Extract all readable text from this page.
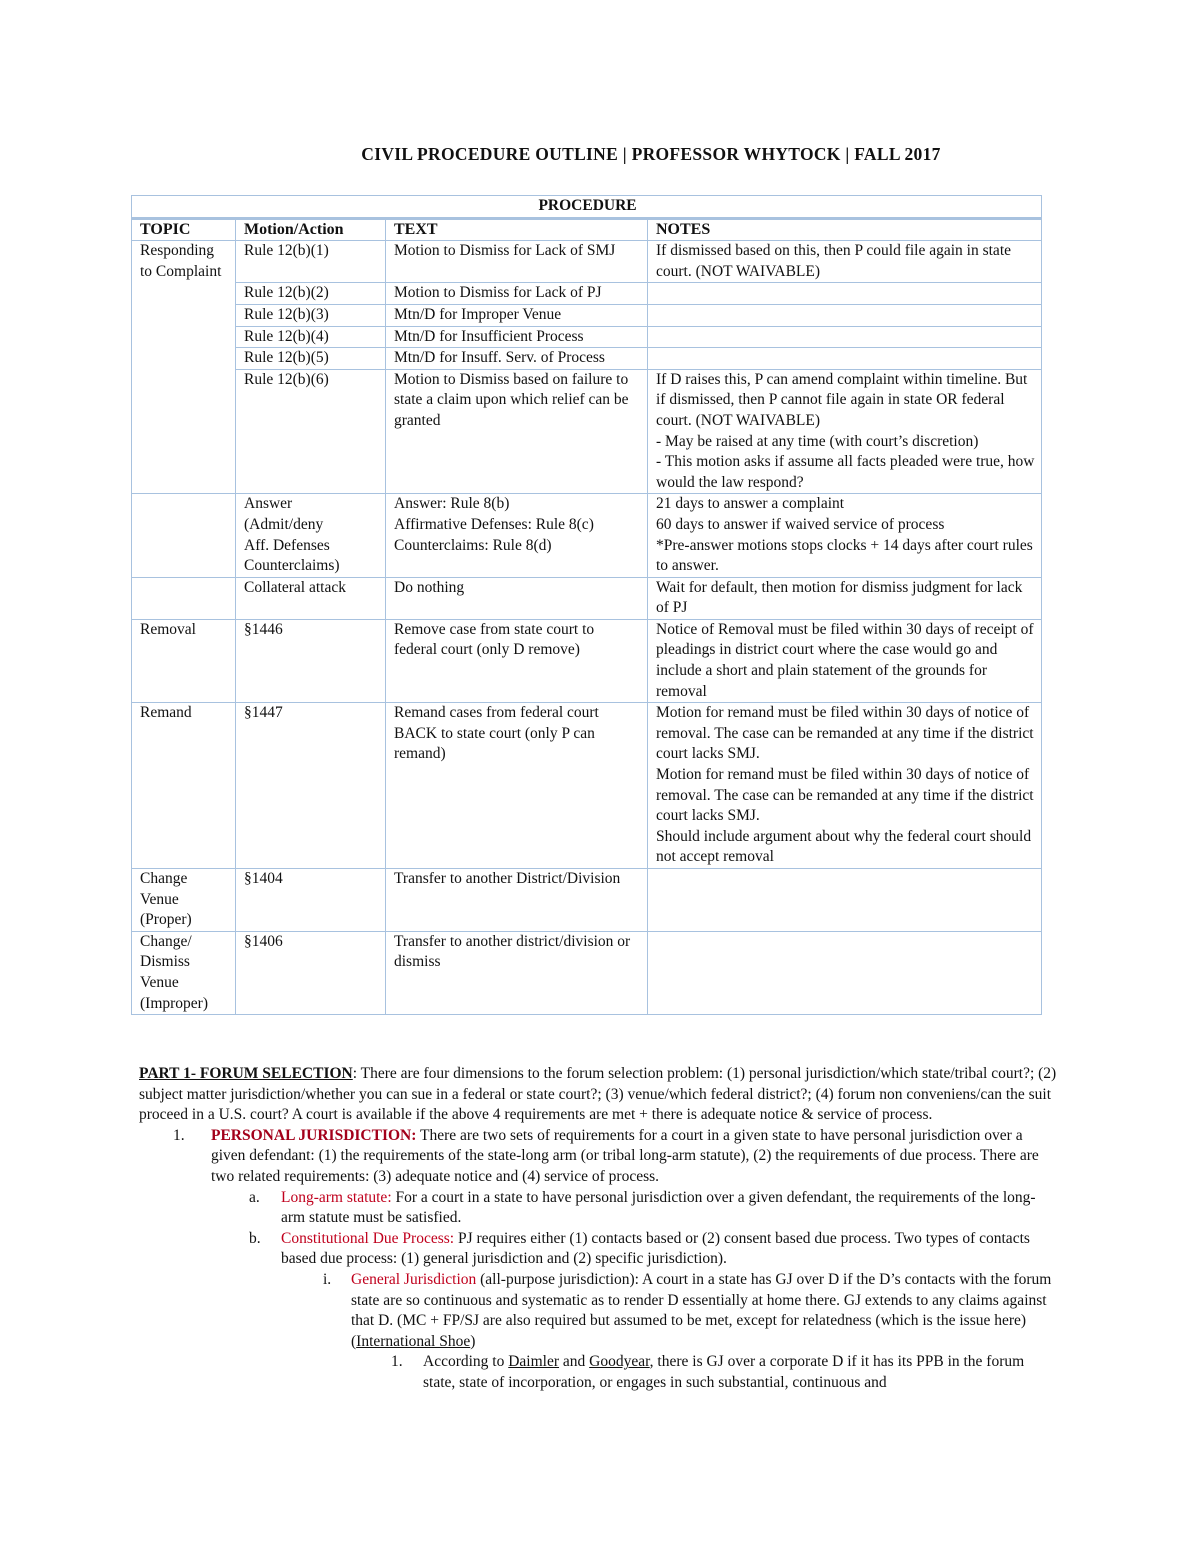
CIVIL PROCEDURE OUTLINE | PROFESSOR WHYTOCK | FALL 2017
PROCEDURE			
TOPIC	Motion/Action	TEXT	NOTES
Responding to Complaint	Rule 12(b)(1)	Motion to Dismiss for Lack of SMJ	If dismissed based on this, then P could file again in state court. (NOT WAIVABLE)

	Rule 12(b)(2)	Motion to Dismiss for Lack of PJ	
	Rule 12(b)(3)	Mtn/D for Improper Venue	
	Rule 12(b)(4)	Mtn/D for Insufficient Process	
	Rule 12(b)(5)	Mtn/D for Insuff. Serv. of Process	
	Rule 12(b)(6)	Motion to Dismiss based on failure to state a claim upon which relief can be granted	If D raises this, P can amend complaint within timeline. But if dismissed, then P cannot file again in state OR federal court. (NOT WAIVABLE)
- May be raised at any time (with court’s discretion)
- This motion asks if assume all facts pleaded were true, how would the law respond?

	Answer
(Admit/deny
Aff. Defenses
Counterclaims)	Answer: Rule 8(b)
Affirmative Defenses: Rule 8(c)
Counterclaims: Rule 8(d)	21 days to answer a complaint
60 days to answer if waived service of process
*Pre-answer motions stops clocks + 14 days after court rules to answer.

	Collateral attack	Do nothing	Wait for default, then motion for dismiss judgment for lack of PJ

Removal	§1446	Remove case from state court to federal court (only D remove)	Notice of Removal must be filed within 30 days of receipt of pleadings in district court where the case would go and include a short and plain statement of the grounds for removal

Remand	§1447	Remand cases from federal court BACK to state court (only P can remand)	Motion for remand must be filed within 30 days of notice of removal. The case can be remanded at any time if the district court lacks SMJ.
Motion for remand must be filed within 30 days of notice of removal. The case can be remanded at any time if the district court lacks SMJ.
Should include argument about why the federal court should not accept removal

Change
Venue
(Proper)	§1404	Transfer to another District/Division	

Change/
Dismiss
Venue
(Improper)	§1406	Transfer to another district/division or dismiss	

PART 1- FORUM SELECTION: There are four dimensions to the forum selection problem: (1) personal jurisdiction/which state/tribal court?; (2) subject matter jurisdiction/whether you can sue in a federal or state court?; (3) venue/which federal district?; (4) forum non conveniens/can the suit proceed in a U.S. court? A court is available if the above 4 requirements are met + there is adequate notice & service of process.

1. PERSONAL JURISDICTION: There are two sets of requirements for a court in a given state to have personal jurisdiction over a given defendant: (1) the requirements of the state-long arm (or tribal long-arm statute), (2) the requirements of due process. There are two related requirements: (3) adequate notice and (4) service of process.

a. Long-arm statute: For a court in a state to have personal jurisdiction over a given defendant, the requirements of the long-arm statute must be satisfied.

b. Constitutional Due Process: PJ requires either (1) contacts based or (2) consent based due process. Two types of contacts based due process: (1) general jurisdiction and (2) specific jurisdiction).

i. General Jurisdiction (all-purpose jurisdiction): A court in a state has GJ over D if the D’s contacts with the forum state are so continuous and systematic as to render D essentially at home there. GJ extends to any claims against that D. (MC + FP/SJ are also required but assumed to be met, except for relatedness (which is the issue here) (International Shoe)

1. According to Daimler and Goodyear, there is GJ over a corporate D if it has its PPB in the forum state, state of incorporation, or engages in such substantial, continuous and
